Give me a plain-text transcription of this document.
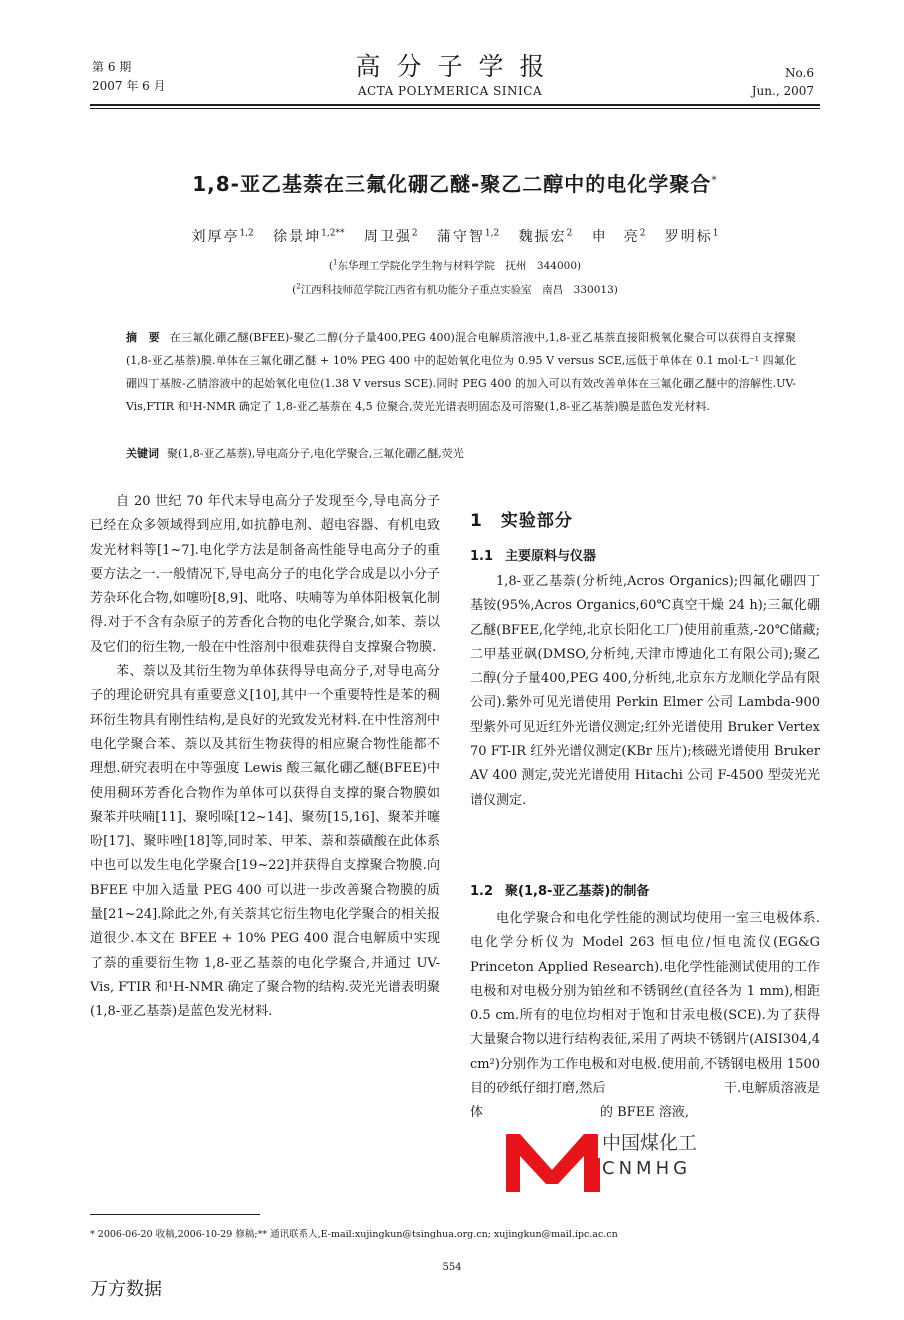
第 6 期
2007 年 6 月
高分子学报
ACTA POLYMERICA SINICA
No.6
Jun., 2007
1,8-亚乙基萘在三氟化硼乙醚-聚乙二醇中的电化学聚合*
刘厚亭$^{1,2}$ 徐景坤$^{1,2**}$ 周卫强$^2$ 蒲守智$^{1,2}$ 魏振宏$^2$ 申　亮$^2$ 罗明标$^1$
($^1$东华理工学院化学生物与材料学院　抚州　344000)
($^2$江西科技师范学院江西省有机功能分子重点实验室　南昌　330013)
摘　要 在三氟化硼乙醚(BFEE)-聚乙二醇(分子量400,PEG 400)混合电解质溶液中,1,8-亚乙基萘直接阳极氧化聚合可以获得自支撑聚(1,8-亚乙基萘)膜.单体在三氟化硼乙醚 + 10% PEG 400 中的起始氧化电位为 0.95 V versus SCE,远低于单体在 0.1 mol·L⁻¹ 四氟化硼四丁基胺-乙腈溶液中的起始氧化电位(1.38 V versus SCE).同时 PEG 400 的加入可以有效改善单体在三氟化硼乙醚中的溶解性.UV-Vis,FTIR 和¹H-NMR 确定了 1,8-亚乙基萘在 4,5 位聚合,荧光光谱表明固态及可溶聚(1,8-亚乙基萘)膜是蓝色发光材料.
关键词 聚(1,8-亚乙基萘),导电高分子,电化学聚合,三氟化硼乙醚,荧光

自 20 世纪 70 年代末导电高分子发现至今,导电高分子已经在众多领域得到应用,如抗静电剂、超电容器、有机电致发光材料等[1~7].电化学方法是制备高性能导电高分子的重要方法之一.一般情况下,导电高分子的电化学合成是以小分子芳杂环化合物,如噻吩[8,9]、吡咯、呋喃等为单体阳极氧化制得.对于不含有杂原子的芳香化合物的电化学聚合,如苯、萘以及它们的衍生物,一般在中性溶剂中很难获得自支撑聚合物膜.

苯、萘以及其衍生物为单体获得导电高分子,对导电高分子的理论研究具有重要意义[10],其中一个重要特性是苯的稠环衍生物具有刚性结构,是良好的光致发光材料.在中性溶剂中电化学聚合苯、萘以及其衍生物获得的相应聚合物性能都不理想.研究表明在中等强度 Lewis 酸三氟化硼乙醚(BFEE)中使用稠环芳香化合物作为单体可以获得自支撑的聚合物膜如聚苯并呋喃[11]、聚吲哚[12~14]、聚芴[15,16]、聚苯并噻吩[17]、聚咔唑[18]等,同时苯、甲苯、萘和萘磺酸在此体系中也可以发生电化学聚合[19~22]并获得自支撑聚合物膜.向 BFEE 中加入适量 PEG 400 可以进一步改善聚合物膜的质量[21~24].除此之外,有关萘其它衍生物电化学聚合的相关报道很少.本文在 BFEE + 10% PEG 400 混合电解质中实现了萘的重要衍生物 1,8-亚乙基萘的电化学聚合,并通过 UV-Vis, FTIR 和¹H-NMR 确定了聚合物的结构.荧光光谱表明聚(1,8-亚乙基萘)是蓝色发光材料.

1 实验部分
1.1 主要原料与仪器

1,8-亚乙基萘(分析纯,Acros Organics);四氟化硼四丁基铵(95%,Acros Organics,60℃真空干燥 24 h);三氟化硼乙醚(BFEE,化学纯,北京长阳化工厂)使用前重蒸,-20℃储藏;二甲基亚砜(DMSO,分析纯,天津市博迪化工有限公司);聚乙二醇(分子量400,PEG 400,分析纯,北京东方龙顺化学品有限公司).紫外可见光谱使用 Perkin Elmer 公司 Lambda-900 型紫外可见近红外光谱仪测定;红外光谱使用 Bruker Vertex 70 FT-IR 红外光谱仪测定(KBr 压片);核磁光谱使用 Bruker AV 400 测定,荧光光谱使用 Hitachi 公司 F-4500 型荧光光谱仪测定.

1.2 聚(1,8-亚乙基萘)的制备

电化学聚合和电化学性能的测试均使用一室三电极体系.电化学分析仪为 Model 263 恒电位/恒电流仪(EG&G Princeton Applied Research).电化学性能测试使用的工作电极和对电极分别为铂丝和不锈钢丝(直径各为 1 mm),相距 0.5 cm.所有的电位均相对于饱和甘汞电极(SCE).为了获得大量聚合物以进行结构表征,采用了两块不锈钢片(AISI304,4 cm²)分别作为工作电极和对电极.使用前,不锈钢电极用 1500 目的砂纸仔细打磨,然后　　　　　　　　　干.电解质溶液是体　　　　　　　　　的 BFEE 溶液,

中国煤化工
CNMHG
* 2006-06-20 收稿,2006-10-29 修稿;** 通讯联系人,E-mail:xujingkun@tsinghua.org.cn; xujingkun@mail.ipc.ac.cn
554
万方数据
